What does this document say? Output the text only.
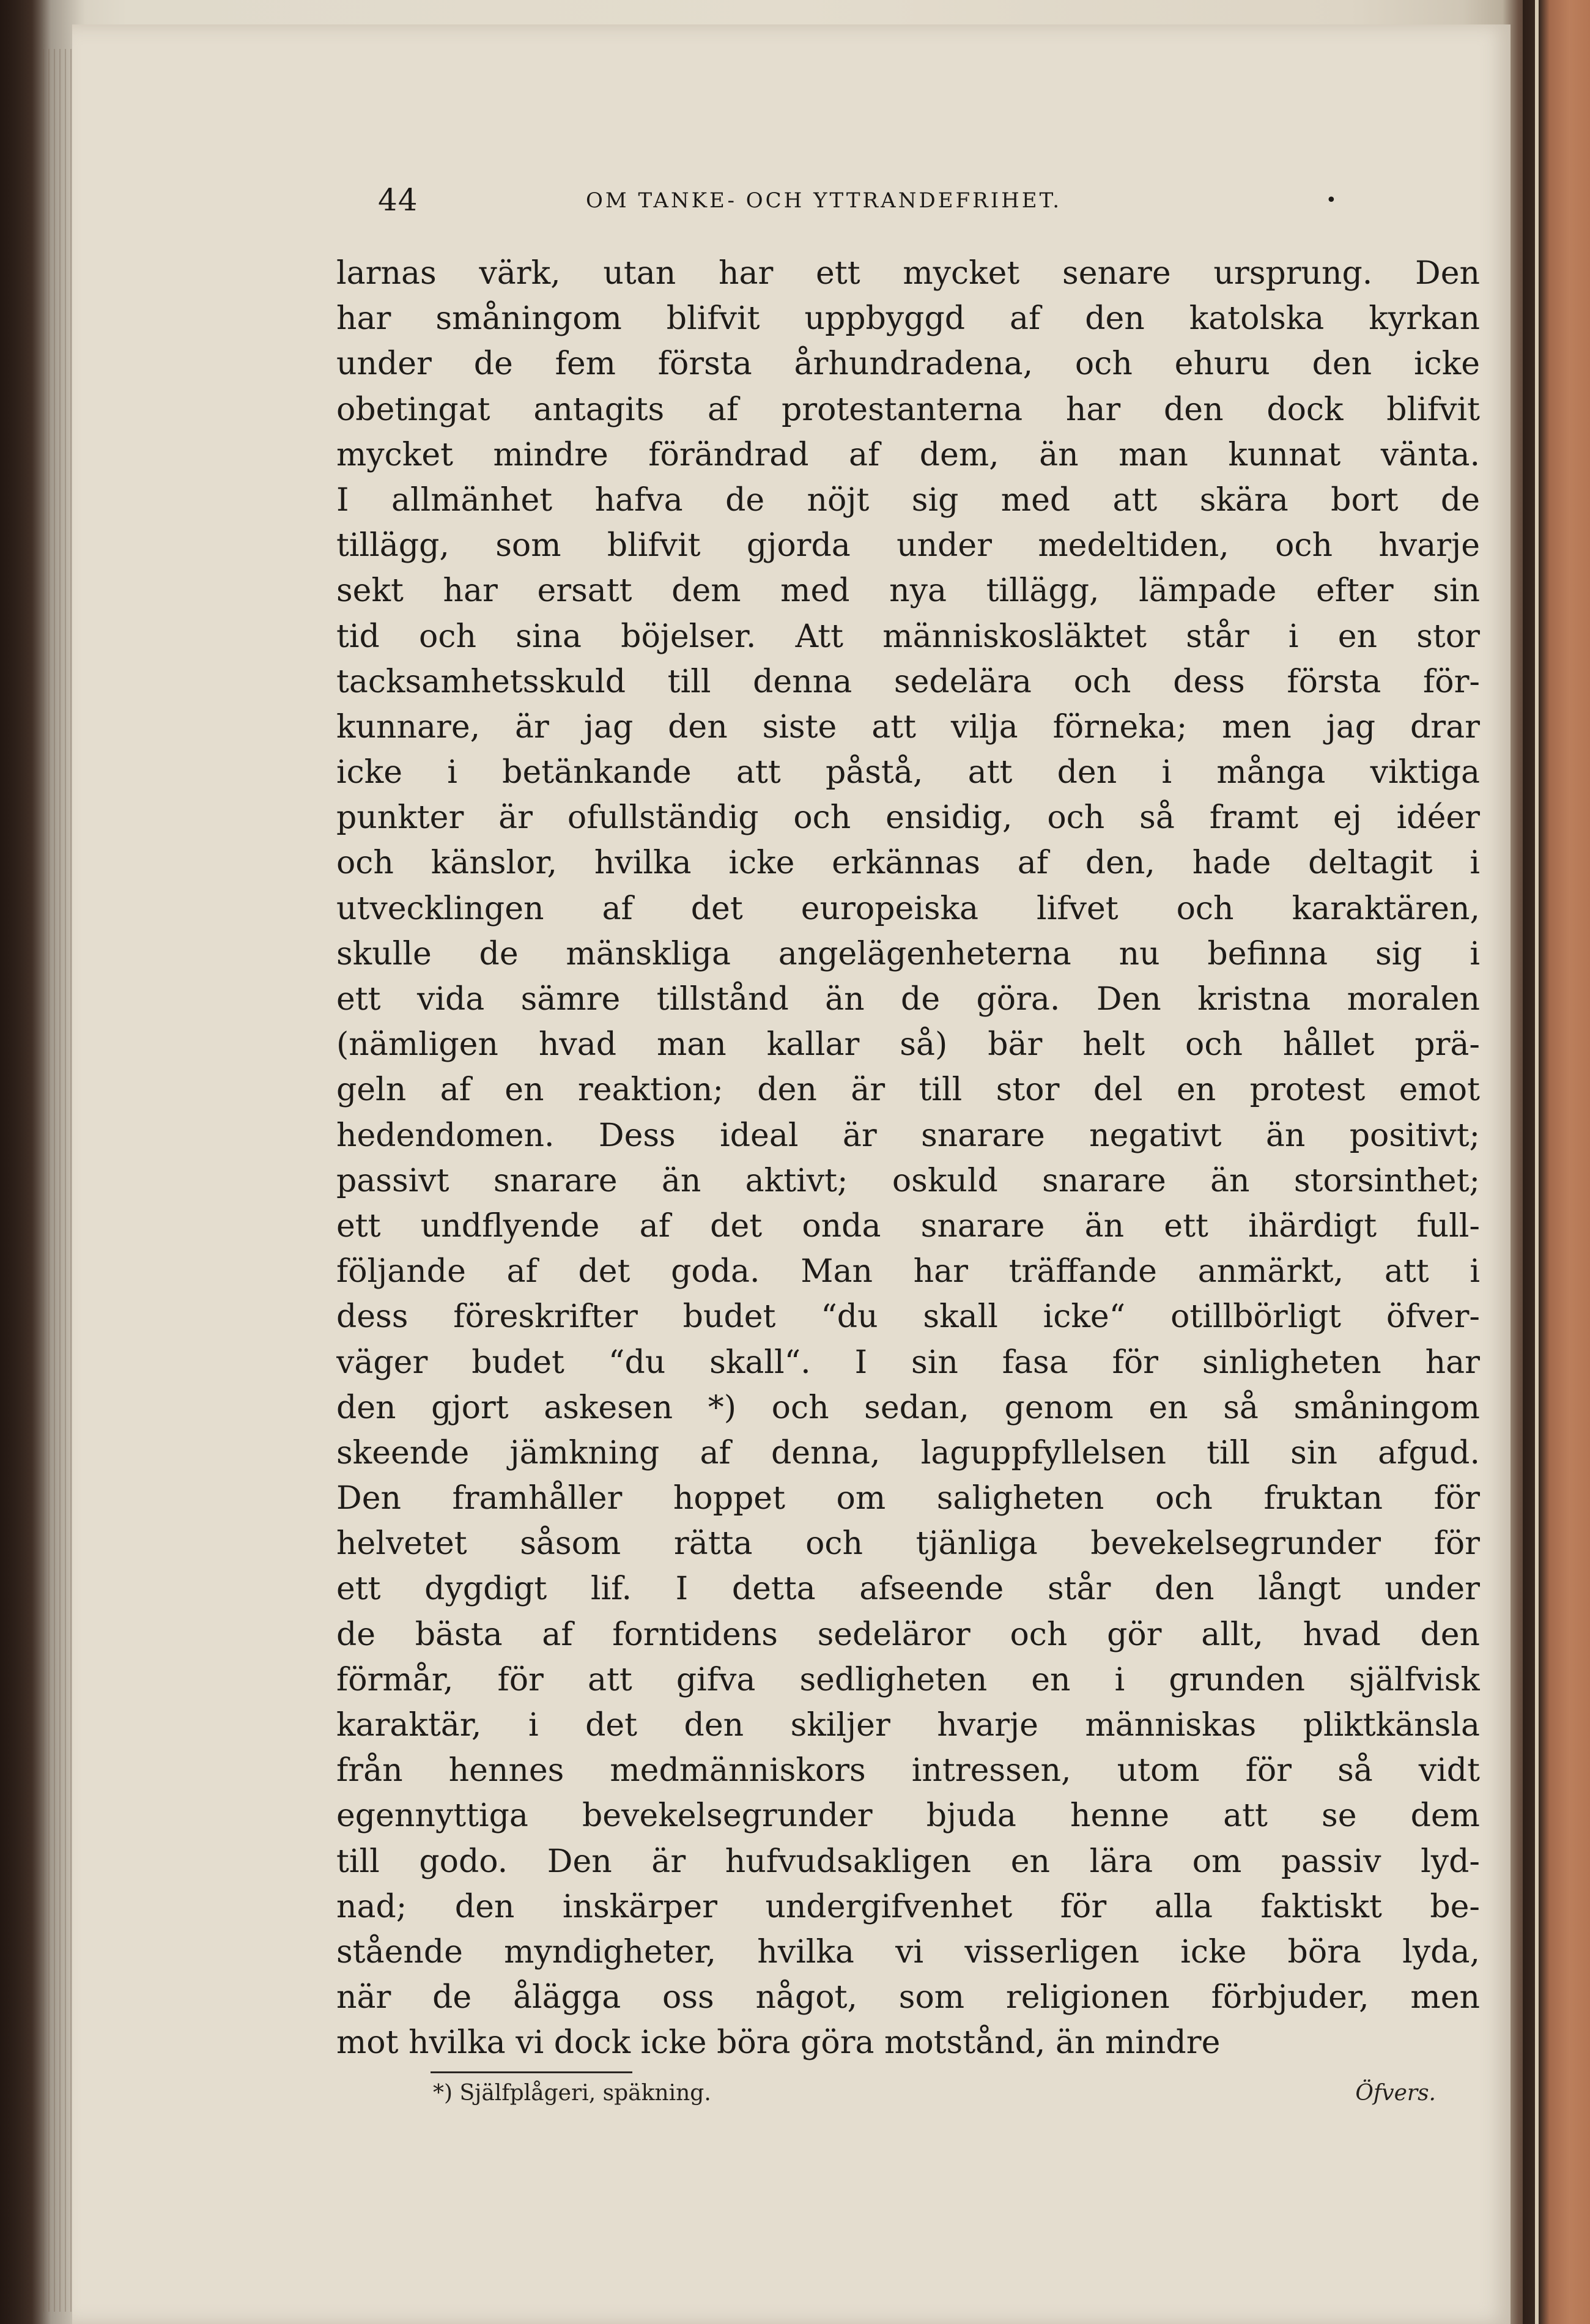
44	OM TANKE- OCH YTTRANDEFRIHET.	•
larnas värk, utan har ett mycket senare ursprung. Den
har småningom blifvit uppbyggd af den katolska kyrkan
under de fem första århundradena, och ehuru den icke
obetingat antagits af protestanterna har den dock blifvit
mycket mindre förändrad af dem, än man kunnat vänta.
I allmänhet hafva de nöjt sig med att skära bort de
tillägg, som blifvit gjorda under medeltiden, och hvarje
sekt har ersatt dem med nya tillägg, lämpade efter sin
tid och sina böjelser. Att människosläktet står i en stor
tacksamhetsskuld till denna sedelära och dess första för-
kunnare, är jag den siste att vilja förneka; men jag drar
icke i betänkande att påstå, att den i många viktiga
punkter är ofullständig och ensidig, och så framt ej idéer
och känslor, hvilka icke erkännas af den, hade deltagit i
utvecklingen af det europeiska lifvet och karaktären,
skulle de mänskliga angelägenheterna nu befinna sig i
ett vida sämre tillstånd än de göra. Den kristna moralen
(nämligen hvad man kallar så) bär helt och hållet prä-
geln af en reaktion; den är till stor del en protest emot
hedendomen. Dess ideal är snarare negativt än positivt;
passivt snarare än aktivt; oskuld snarare än storsinthet;
ett undflyende af det onda snarare än ett ihärdigt full-
följande af det goda. Man har träffande anmärkt, att i
dess föreskrifter budet “du skall icke“ otillbörligt öfver-
väger budet “du skall“. I sin fasa för sinligheten har
den gjort askesen *) och sedan, genom en så småningom
skeende jämkning af denna, laguppfyllelsen till sin afgud.
Den framhåller hoppet om saligheten och fruktan för
helvetet såsom rätta och tjänliga bevekelsegrunder för
ett dygdigt lif. I detta afseende står den långt under
de bästa af forntidens sedeläror och gör allt, hvad den
förmår, för att gifva sedligheten en i grunden själfvisk
karaktär, i det den skiljer hvarje människas pliktkänsla
från hennes medmänniskors intressen, utom för så vidt
egennyttiga bevekelsegrunder bjuda henne att se dem
till godo. Den är hufvudsakligen en lära om passiv lyd-
nad; den inskärper undergifvenhet för alla faktiskt be-
stående myndigheter, hvilka vi visserligen icke böra lyda,
när de ålägga oss något, som religionen förbjuder, men
mot hvilka vi dock icke böra göra motstånd, än mindre
*) Själfplågeri, späkning.	Öfvers.
